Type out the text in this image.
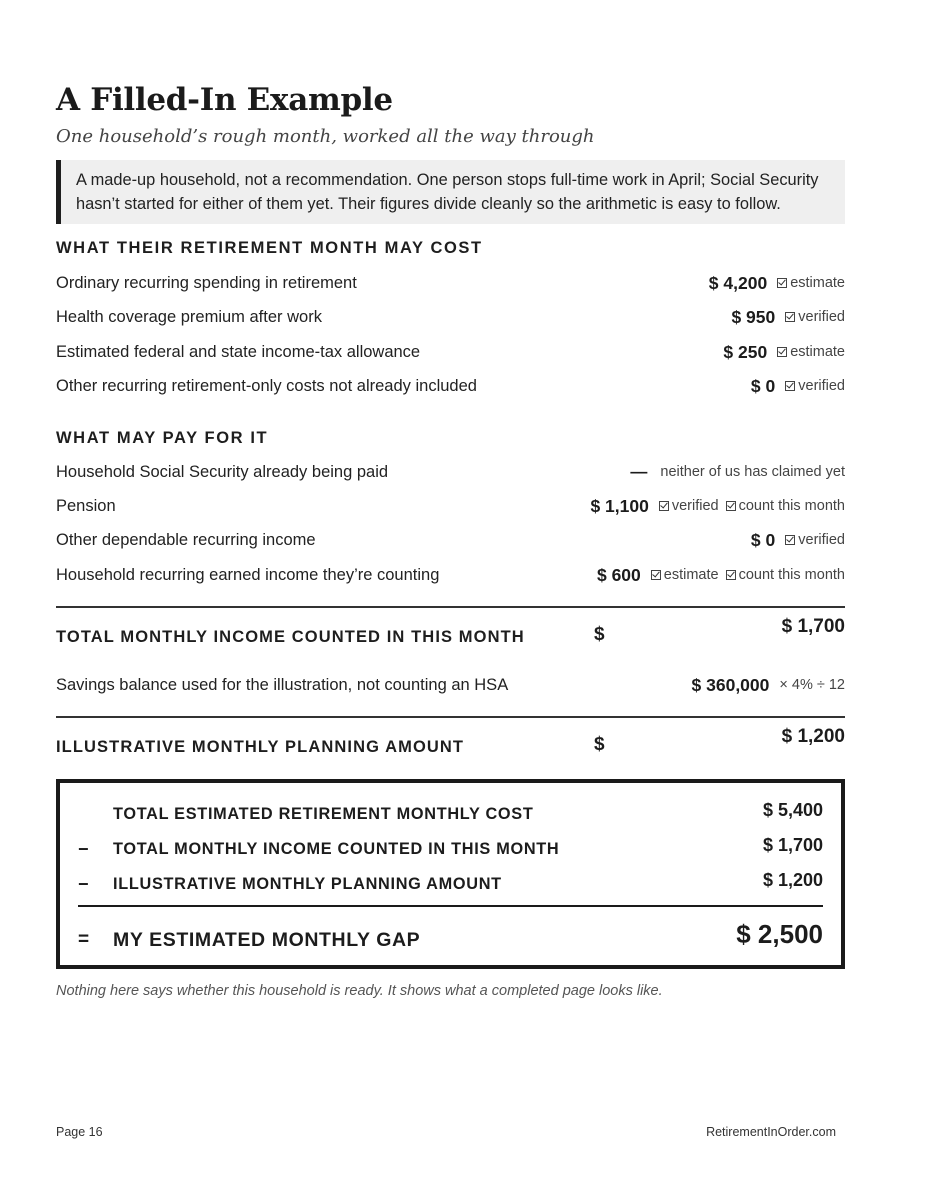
A Filled-In Example
One household’s rough month, worked all the way through
A made-up household, not a recommendation. One person stops full-time work in April; Social Security
hasn’t started for either of them yet. Their figures divide cleanly so the arithmetic is easy to follow.
WHAT THEIR RETIREMENT MONTH MAY COST
Ordinary recurring spending in retirement	$ 4,200 estimate
Health coverage premium after work	$ 950 verified
Estimated federal and state income-tax allowance	$ 250 estimate
Other recurring retirement-only costs not already included	$ 0 verified
WHAT MAY PAY FOR IT
Household Social Security already being paid	— neither of us has claimed yet
Pension	$ 1,100 verified count this month
Other dependable recurring income	$ 0 verified
Household recurring earned income they’re counting	$ 600 estimate count this month
TOTAL MONTHLY INCOME COUNTED IN THIS MONTH	$	$ 1,700
Savings balance used for the illustration, not counting an HSA	$ 360,000 × 4% ÷ 12
ILLUSTRATIVE MONTHLY PLANNING AMOUNT	$	$ 1,200
TOTAL ESTIMATED RETIREMENT MONTHLY COST	$ 5,400
− TOTAL MONTHLY INCOME COUNTED IN THIS MONTH	$ 1,700
− ILLUSTRATIVE MONTHLY PLANNING AMOUNT	$ 1,200
= MY ESTIMATED MONTHLY GAP	$ 2,500
Nothing here says whether this household is ready. It shows what a completed page looks like.
Page 16	RetirementInOrder.com
